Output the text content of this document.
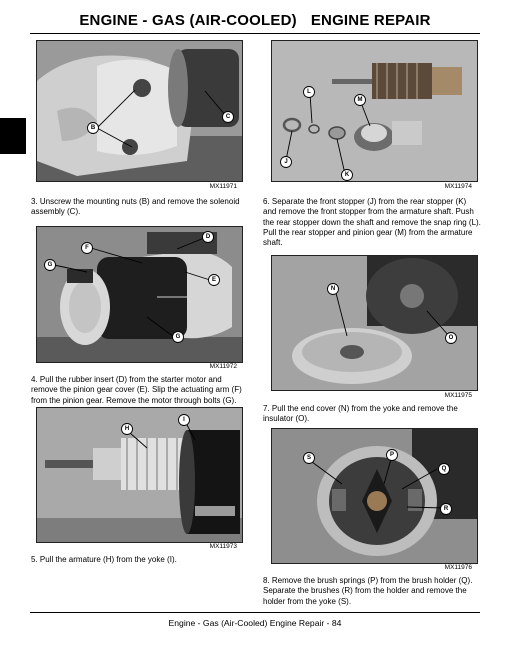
ENGINE - GAS (AIR-COOLED) ENGINE REPAIR
B
C
MX11971
3. Unscrew the mounting nuts (B) and remove the solenoid assembly (C).
F
D
G
E
G
MX11972
4. Pull the rubber insert (D) from the starter motor and remove the pinion gear cover (E). Slip the actuating arm (F) from the pinion gear. Remove the motor through bolts (G).
H
I
MX11973
5. Pull the armature (H) from the yoke (I).
L
M
J
K
MX11974
6. Separate the front stopper (J) from the rear stopper (K) and remove the front stopper from the armature shaft. Push the rear stopper down the shaft and remove the snap ring (L). Pull the rear stopper and pinion gear (M) from the armature shaft.
N
O
MX11975
7. Pull the end cover (N) from the yoke and remove the insulator (O).
S	P
Q
R
MX11976
8. Remove the brush springs (P) from the brush holder (Q). Separate the brushes (R) from the holder and remove the holder from the yoke (S).
Engine - Gas (Air-Cooled) Engine Repair - 84
